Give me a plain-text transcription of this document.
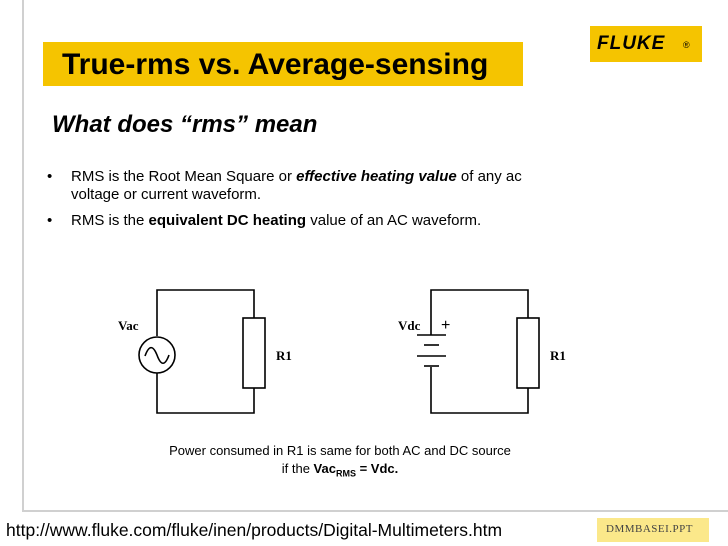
True-rms vs. Average-sensing
FLUKE ®
What does “rms” mean
• RMS is the Root Mean Square or effective heating value of any ac voltage or current waveform.
• RMS is the equivalent DC heating value of an AC waveform.
Vac
R1
Vdc
R1
+
Power consumed in R1 is same for both AC and DC source
if the Vac$_{RMS}$ = Vdc.
http://www.fluke.com/fluke/inen/products/Digital-Multimeters.htm	DMMBASEI.PPT
